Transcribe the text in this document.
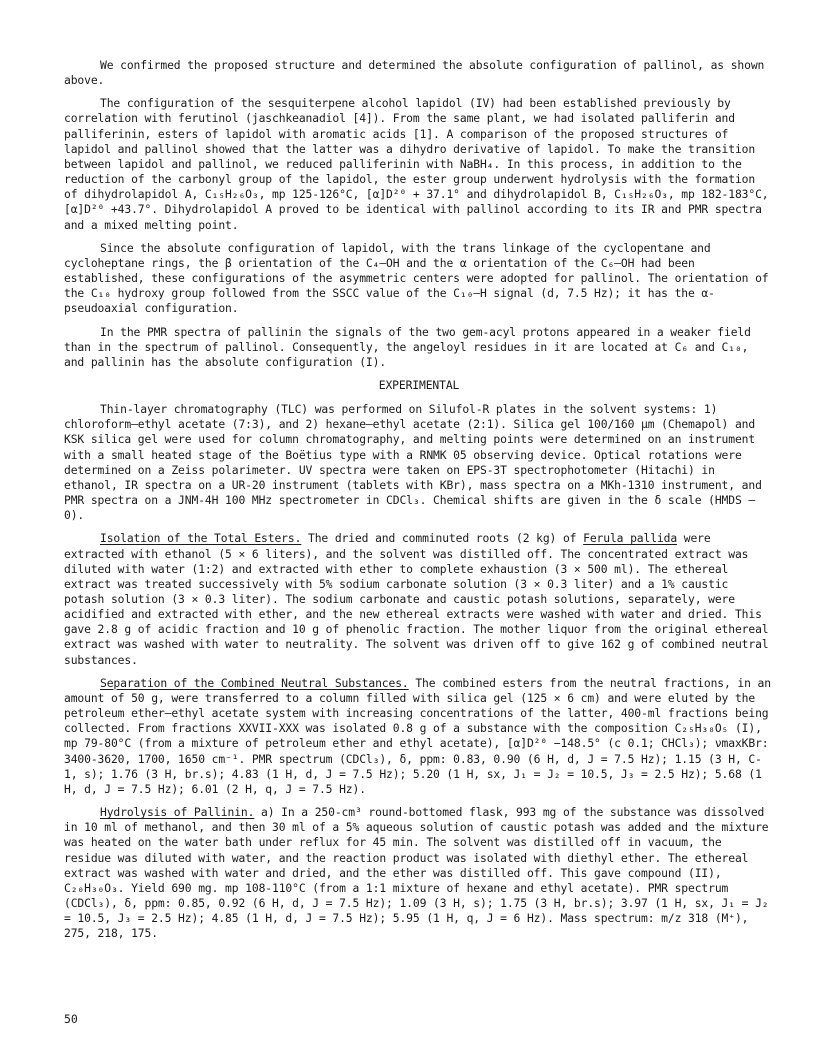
We confirmed the proposed structure and determined the absolute configuration of pallinol, as shown above.

The configuration of the sesquiterpene alcohol lapidol (IV) had been established previously by correlation with ferutinol (jaschkeanadiol [4]). From the same plant, we had isolated palliferin and palliferinin, esters of lapidol with aromatic acids [1]. A comparison of the proposed structures of lapidol and pallinol showed that the latter was a dihydro derivative of lapidol. To make the transition between lapidol and pallinol, we reduced palliferinin with NaBH₄. In this process, in addition to the reduction of the carbonyl group of the lapidol, the ester group underwent hydrolysis with the formation of dihydrolapidol A, C₁₅H₂₆O₃, mp 125-126°C, [α]D²⁰ + 37.1° and dihydrolapidol B, C₁₅H₂₆O₃, mp 182-183°C, [α]D²⁰ +43.7°. Dihydrolapidol A proved to be identical with pallinol according to its IR and PMR spectra and a mixed melting point.

Since the absolute configuration of lapidol, with the trans linkage of the cyclopentane and cycloheptane rings, the β orientation of the C₄—OH and the α orientation of the C₆—OH had been established, these configurations of the asymmetric centers were adopted for pallinol. The orientation of the C₁₀ hydroxy group followed from the SSCC value of the C₁₀—H signal (d, 7.5 Hz); it has the α-pseudoaxial configuration.

In the PMR spectra of pallinin the signals of the two gem-acyl protons appeared in a weaker field than in the spectrum of pallinol. Consequently, the angeloyl residues in it are located at C₆ and C₁₀, and pallinin has the absolute configuration (I).

EXPERIMENTAL

Thin-layer chromatography (TLC) was performed on Silufol-R plates in the solvent systems: 1) chloroform—ethyl acetate (7:3), and 2) hexane—ethyl acetate (2:1). Silica gel 100/160 μm (Chemapol) and KSK silica gel were used for column chromatography, and melting points were determined on an instrument with a small heated stage of the Boëtius type with a RNMK 05 observing device. Optical rotations were determined on a Zeiss polarimeter. UV spectra were taken on EPS-3T spectrophotometer (Hitachi) in ethanol, IR spectra on a UR-20 instrument (tablets with KBr), mass spectra on a MKh-1310 instrument, and PMR spectra on a JNM-4H 100 MHz spectrometer in CDCl₃. Chemical shifts are given in the δ scale (HMDS — 0).

Isolation of the Total Esters. The dried and comminuted roots (2 kg) of Ferula pallida were extracted with ethanol (5 × 6 liters), and the solvent was distilled off. The concentrated extract was diluted with water (1:2) and extracted with ether to complete exhaustion (3 × 500 ml). The ethereal extract was treated successively with 5% sodium carbonate solution (3 × 0.3 liter) and a 1% caustic potash solution (3 × 0.3 liter). The sodium carbonate and caustic potash solutions, separately, were acidified and extracted with ether, and the new ethereal extracts were washed with water and dried. This gave 2.8 g of acidic fraction and 10 g of phenolic fraction. The mother liquor from the original ethereal extract was washed with water to neutrality. The solvent was driven off to give 162 g of combined neutral substances.

Separation of the Combined Neutral Substances. The combined esters from the neutral fractions, in an amount of 50 g, were transferred to a column filled with silica gel (125 × 6 cm) and were eluted by the petroleum ether—ethyl acetate system with increasing concentrations of the latter, 400-ml fractions being collected. From fractions XXVII-XXX was isolated 0.8 g of a substance with the composition C₂₅H₃₈O₅ (I), mp 79-80°C (from a mixture of petroleum ether and ethyl acetate), [α]D²⁰ −148.5° (c 0.1; CHCl₃); νmaxKBr: 3400-3620, 1700, 1650 cm⁻¹. PMR spectrum (CDCl₃), δ, ppm: 0.83, 0.90 (6 H, d, J = 7.5 Hz); 1.15 (3 H, C-1, s); 1.76 (3 H, br.s); 4.83 (1 H, d, J = 7.5 Hz); 5.20 (1 H, sx, J₁ = J₂ = 10.5, J₃ = 2.5 Hz); 5.68 (1 H, d, J = 7.5 Hz); 6.01 (2 H, q, J = 7.5 Hz).

Hydrolysis of Pallinin. a) In a 250-cm³ round-bottomed flask, 993 mg of the substance was dissolved in 10 ml of methanol, and then 30 ml of a 5% aqueous solution of caustic potash was added and the mixture was heated on the water bath under reflux for 45 min. The solvent was distilled off in vacuum, the residue was diluted with water, and the reaction product was isolated with diethyl ether. The ethereal extract was washed with water and dried, and the ether was distilled off. This gave compound (II), C₂₀H₃₀O₃. Yield 690 mg. mp 108-110°C (from a 1:1 mixture of hexane and ethyl acetate). PMR spectrum (CDCl₃), δ, ppm: 0.85, 0.92 (6 H, d, J = 7.5 Hz); 1.09 (3 H, s); 1.75 (3 H, br.s); 3.97 (1 H, sx, J₁ = J₂ = 10.5, J₃ = 2.5 Hz); 4.85 (1 H, d, J = 7.5 Hz); 5.95 (1 H, q, J = 6 Hz). Mass spectrum: m/z 318 (M⁺), 275, 218, 175.

50
